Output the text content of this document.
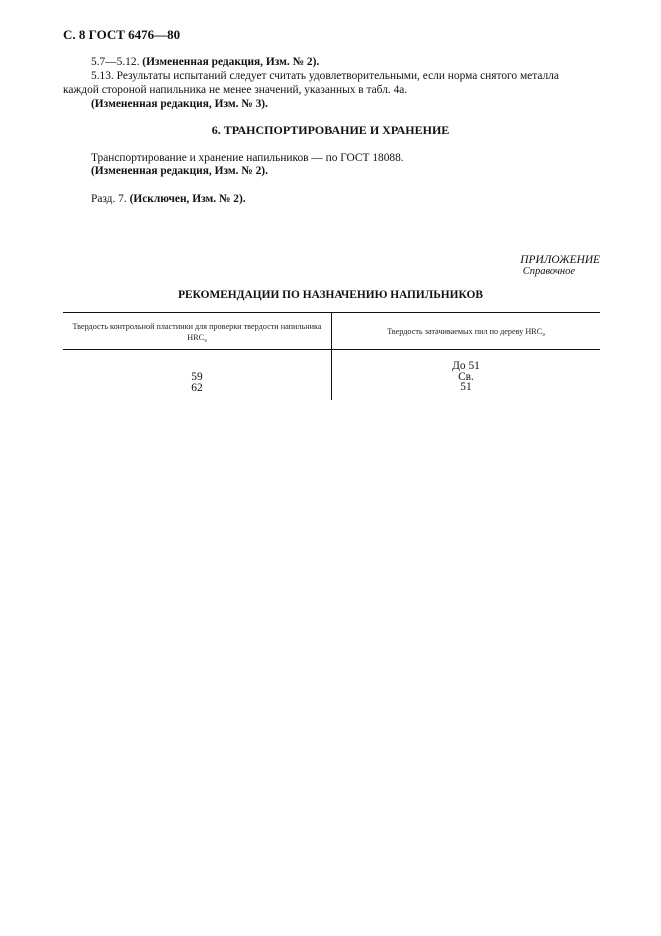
С. 8 ГОСТ 6476—80
5.7—5.12. (Измененная редакция, Изм. № 2).
5.13. Результаты испытаний следует считать удовлетворительными, если норма снятого металла
каждой стороной напильника не менее значений, указанных в табл. 4а.
(Измененная редакция, Изм. № 3).
6. ТРАНСПОРТИРОВАНИЕ И ХРАНЕНИЕ
Транспортирование и хранение напильников — по ГОСТ 18088.
(Измененная редакция, Изм. № 2).
Разд. 7. (Исключен, Изм. № 2).
ПРИЛОЖЕНИЕ
Справочное
РЕКОМЕНДАЦИИ ПО НАЗНАЧЕНИЮ НАПИЛЬНИКОВ
Твердость контрольной пластинки для проверки твердости напильника $HRC_э$
Твердость затачиваемых пил по дереву $HRC_э$
59
62
До 51
Св.
51
